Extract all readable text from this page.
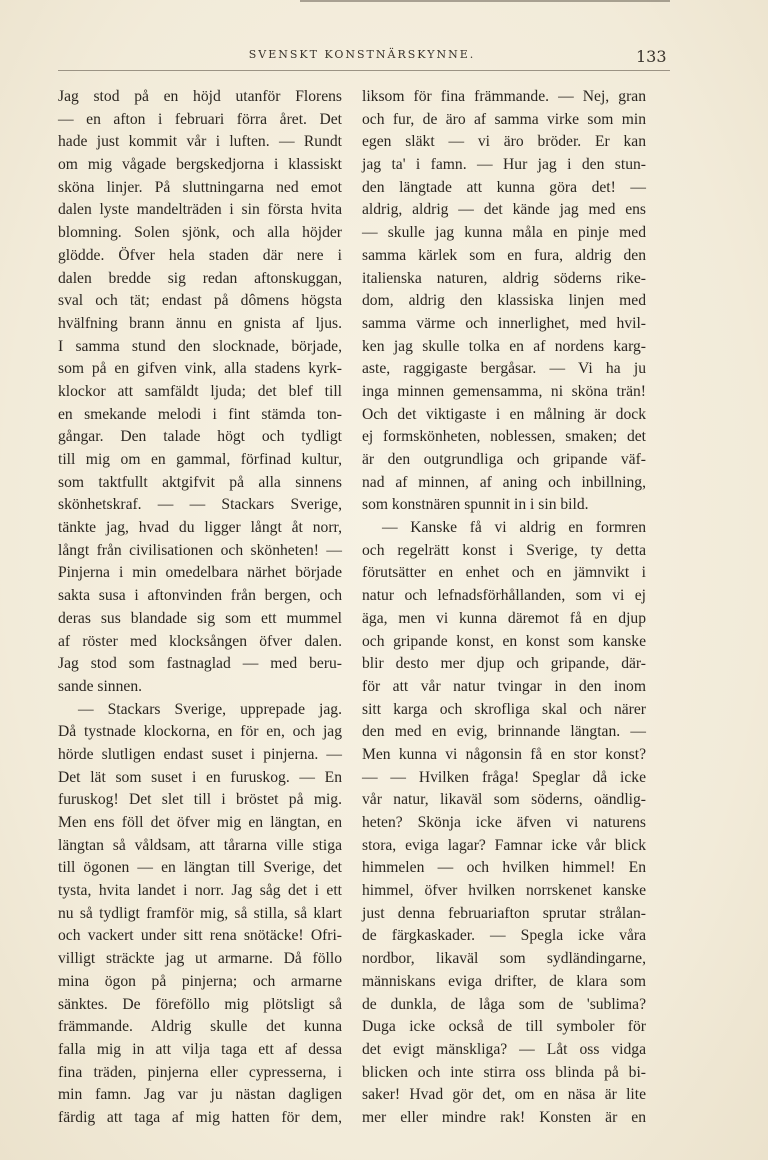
SVENSKT KONSTNÄRSKYNNE.	133
Jag stod på en höjd utanför Florens
— en afton i februari förra året. Det
hade just kommit vår i luften. — Rundt
om mig vågade bergskedjorna i klassiskt
sköna linjer. På sluttningarna ned emot
dalen lyste mandelträden i sin första hvita
blomning. Solen sjönk, och alla höjder
glödde. Öfver hela staden där nere i
dalen bredde sig redan aftonskuggan,
sval och tät; endast på dômens högsta
hvälfning brann ännu en gnista af ljus.
I samma stund den slocknade, började,
som på en gifven vink, alla stadens kyrk-
klockor att samfäldt ljuda; det blef till
en smekande melodi i fint stämda ton-
gångar. Den talade högt och tydligt
till mig om en gammal, förfinad kultur,
som taktfullt aktgifvit på alla sinnens
skönhetskraf. — — Stackars Sverige,
tänkte jag, hvad du ligger långt åt norr,
långt från civilisationen och skönheten! —
Pinjerna i min omedelbara närhet började
sakta susa i aftonvinden från bergen, och
deras sus blandade sig som ett mummel
af röster med klocksången öfver dalen.
Jag stod som fastnaglad — med beru-
sande sinnen.
— Stackars Sverige, upprepade jag.
Då tystnade klockorna, en för en, och jag
hörde slutligen endast suset i pinjerna. —
Det lät som suset i en furuskog. — En
furuskog! Det slet till i bröstet på mig.
Men ens föll det öfver mig en längtan, en
längtan så våldsam, att tårarna ville stiga
till ögonen — en längtan till Sverige, det
tysta, hvita landet i norr. Jag såg det i ett
nu så tydligt framför mig, så stilla, så klart
och vackert under sitt rena snötäcke! Ofri-
villigt sträckte jag ut armarne. Då föllo
mina ögon på pinjerna; och armarne
sänktes. De föreföllo mig plötsligt så
främmande. Aldrig skulle det kunna
falla mig in att vilja taga ett af dessa
fina träden, pinjerna eller cypresserna, i
min famn. Jag var ju nästan dagligen
färdig att taga af mig hatten för dem,
liksom för fina främmande. — Nej, gran
och fur, de äro af samma virke som min
egen släkt — vi äro bröder. Er kan
jag ta' i famn. — Hur jag i den stun-
den längtade att kunna göra det! —
aldrig, aldrig — det kände jag med ens
— skulle jag kunna måla en pinje med
samma kärlek som en fura, aldrig den
italienska naturen, aldrig söderns rike-
dom, aldrig den klassiska linjen med
samma värme och innerlighet, med hvil-
ken jag skulle tolka en af nordens karg-
aste, raggigaste bergåsar. — Vi ha ju
inga minnen gemensamma, ni sköna trän!
Och det viktigaste i en målning är dock
ej formskönheten, noblessen, smaken; det
är den outgrundliga och gripande väf-
nad af minnen, af aning och inbillning,
som konstnären spunnit in i sin bild.
— Kanske få vi aldrig en formren
och regelrätt konst i Sverige, ty detta
förutsätter en enhet och en jämnvikt i
natur och lefnadsförhållanden, som vi ej
äga, men vi kunna däremot få en djup
och gripande konst, en konst som kanske
blir desto mer djup och gripande, där-
för att vår natur tvingar in den inom
sitt karga och skrofliga skal och närer
den med en evig, brinnande längtan. —
Men kunna vi någonsin få en stor konst?
— — Hvilken fråga! Speglar då icke
vår natur, likaväl som söderns, oändlig-
heten? Skönja icke äfven vi naturens
stora, eviga lagar? Famnar icke vår blick
himmelen — och hvilken himmel! En
himmel, öfver hvilken norrskenet kanske
just denna februariafton sprutar strålan-
de färgkaskader. — Spegla icke våra
nordbor, likaväl som sydländingarne,
människans eviga drifter, de klara som
de dunkla, de låga som de 'sublima?
Duga icke också de till symboler för
det evigt mänskliga? — Låt oss vidga
blicken och inte stirra oss blinda på bi-
saker! Hvad gör det, om en näsa är lite
mer eller mindre rak! Konsten är en
